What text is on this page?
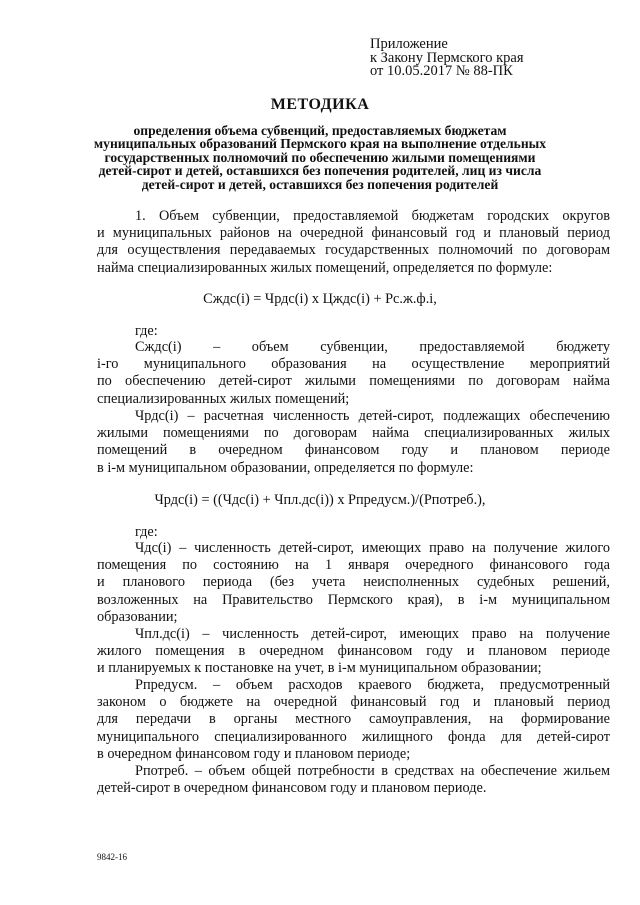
Приложение
к Закону Пермского края
от 10.05.2017 № 88-ПК
МЕТОДИКА
определения объема субвенций, предоставляемых бюджетам
муниципальных образований Пермского края на выполнение отдельных
государственных полномочий по обеспечению жилыми помещениями
детей-сирот и детей, оставшихся без попечения родителей, лиц из числа
детей-сирот и детей, оставшихся без попечения родителей
1. Объем субвенции, предоставляемой бюджетам городских округов
и муниципальных районов на очередной финансовый год и плановый период
для осуществления передаваемых государственных полномочий по договорам
найма специализированных жилых помещений, определяется по формуле:
Сждс(i) = Чрдс(i) х Цждс(i) + Рс.ж.ф.i,
где:
Сждс(i) – объем субвенции, предоставляемой бюджету
i-го муниципального образования на осуществление мероприятий
по обеспечению детей-сирот жилыми помещениями по договорам найма
специализированных жилых помещений;
Чрдс(i) – расчетная численность детей-сирот, подлежащих обеспечению
жилыми помещениями по договорам найма специализированных жилых
помещений в очередном финансовом году и плановом периоде
в i-м муниципальном образовании, определяется по формуле:
Чрдс(i) = ((Чдс(i) + Чпл.дс(i)) х Рпредусм.)/(Рпотреб.),
где:
Чдс(i) – численность детей-сирот, имеющих право на получение жилого
помещения по состоянию на 1 января очередного финансового года
и планового периода (без учета неисполненных судебных решений,
возложенных на Правительство Пермского края), в i-м муниципальном
образовании;
Чпл.дс(i) – численность детей-сирот, имеющих право на получение
жилого помещения в очередном финансовом году и плановом периоде
и планируемых к постановке на учет, в i-м муниципальном образовании;
Рпредусм. – объем расходов краевого бюджета, предусмотренный
законом о бюджете на очередной финансовый год и плановый период
для передачи в органы местного самоуправления, на формирование
муниципального специализированного жилищного фонда для детей-сирот
в очередном финансовом году и плановом периоде;
Рпотреб. – объем общей потребности в средствах на обеспечение жильем
детей-сирот в очередном финансовом году и плановом периоде.
9842-16
